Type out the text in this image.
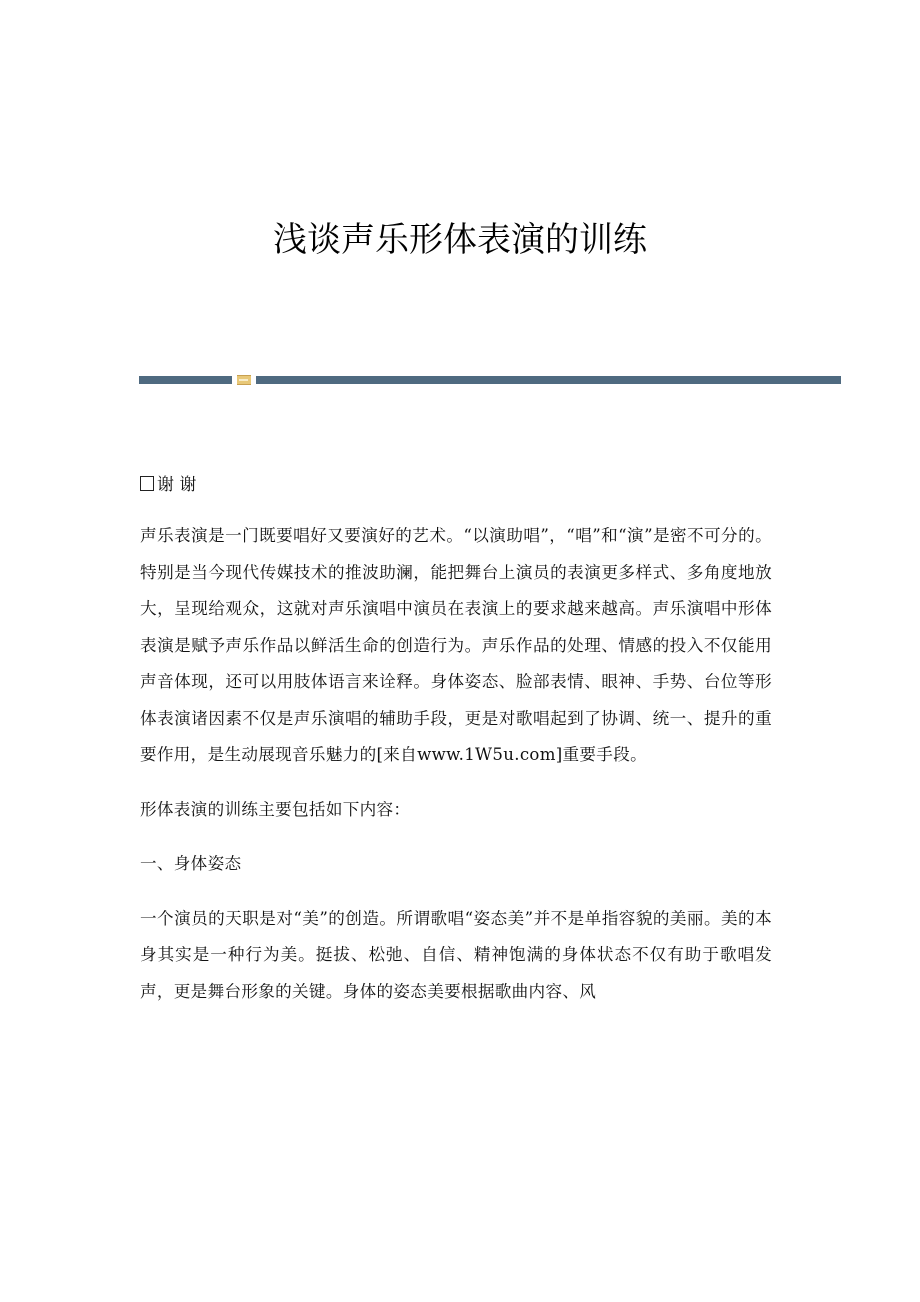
浅谈声乐形体表演的训练
谢 谢

声乐表演是一门既要唱好又要演好的艺术。“以演助唱”，“唱”和“演”是密不可分的。特别是当今现代传媒技术的推波助澜，能把舞台上演员的表演更多样式、多角度地放大，呈现给观众，这就对声乐演唱中演员在表演上的要求越来越高。声乐演唱中形体表演是赋予声乐作品以鲜活生命的创造行为。声乐作品的处理、情感的投入不仅能用声音体现，还可以用肢体语言来诠释。身体姿态、脸部表情、眼神、手势、台位等形体表演诸因素不仅是声乐演唱的辅助手段，更是对歌唱起到了协调、统一、提升的重要作用，是生动展现音乐魅力的[来自www.1W5u.com]重要手段。

形体表演的训练主要包括如下内容：

一、身体姿态

一个演员的天职是对“美”的创造。所谓歌唱“姿态美”并不是单指容貌的美丽。美的本身其实是一种行为美。挺拔、松弛、自信、精神饱满的身体状态不仅有助于歌唱发声，更是舞台形象的关键。身体的姿态美要根据歌曲内容、风
